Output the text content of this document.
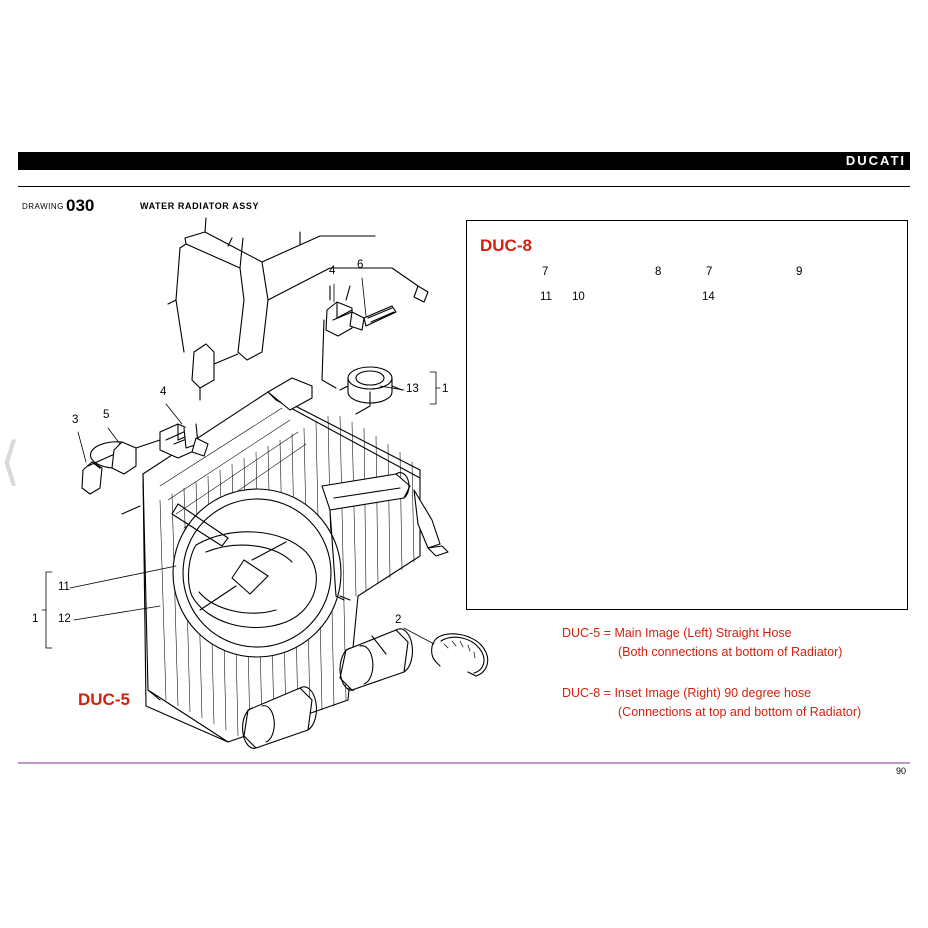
DUCATI
DRAWING 030	WATER RADIATOR ASSY
⟨
DUC-8
DUC-5
3 5
4
4 6
13 1
11
12
1	2
7
11 10
8	7
14
9
DUC-5 = Main Image (Left) Straight Hose
(Both connections at bottom of Radiator)
DUC-8 = Inset Image (Right) 90 degree hose
(Connections at top and bottom of Radiator)
90
